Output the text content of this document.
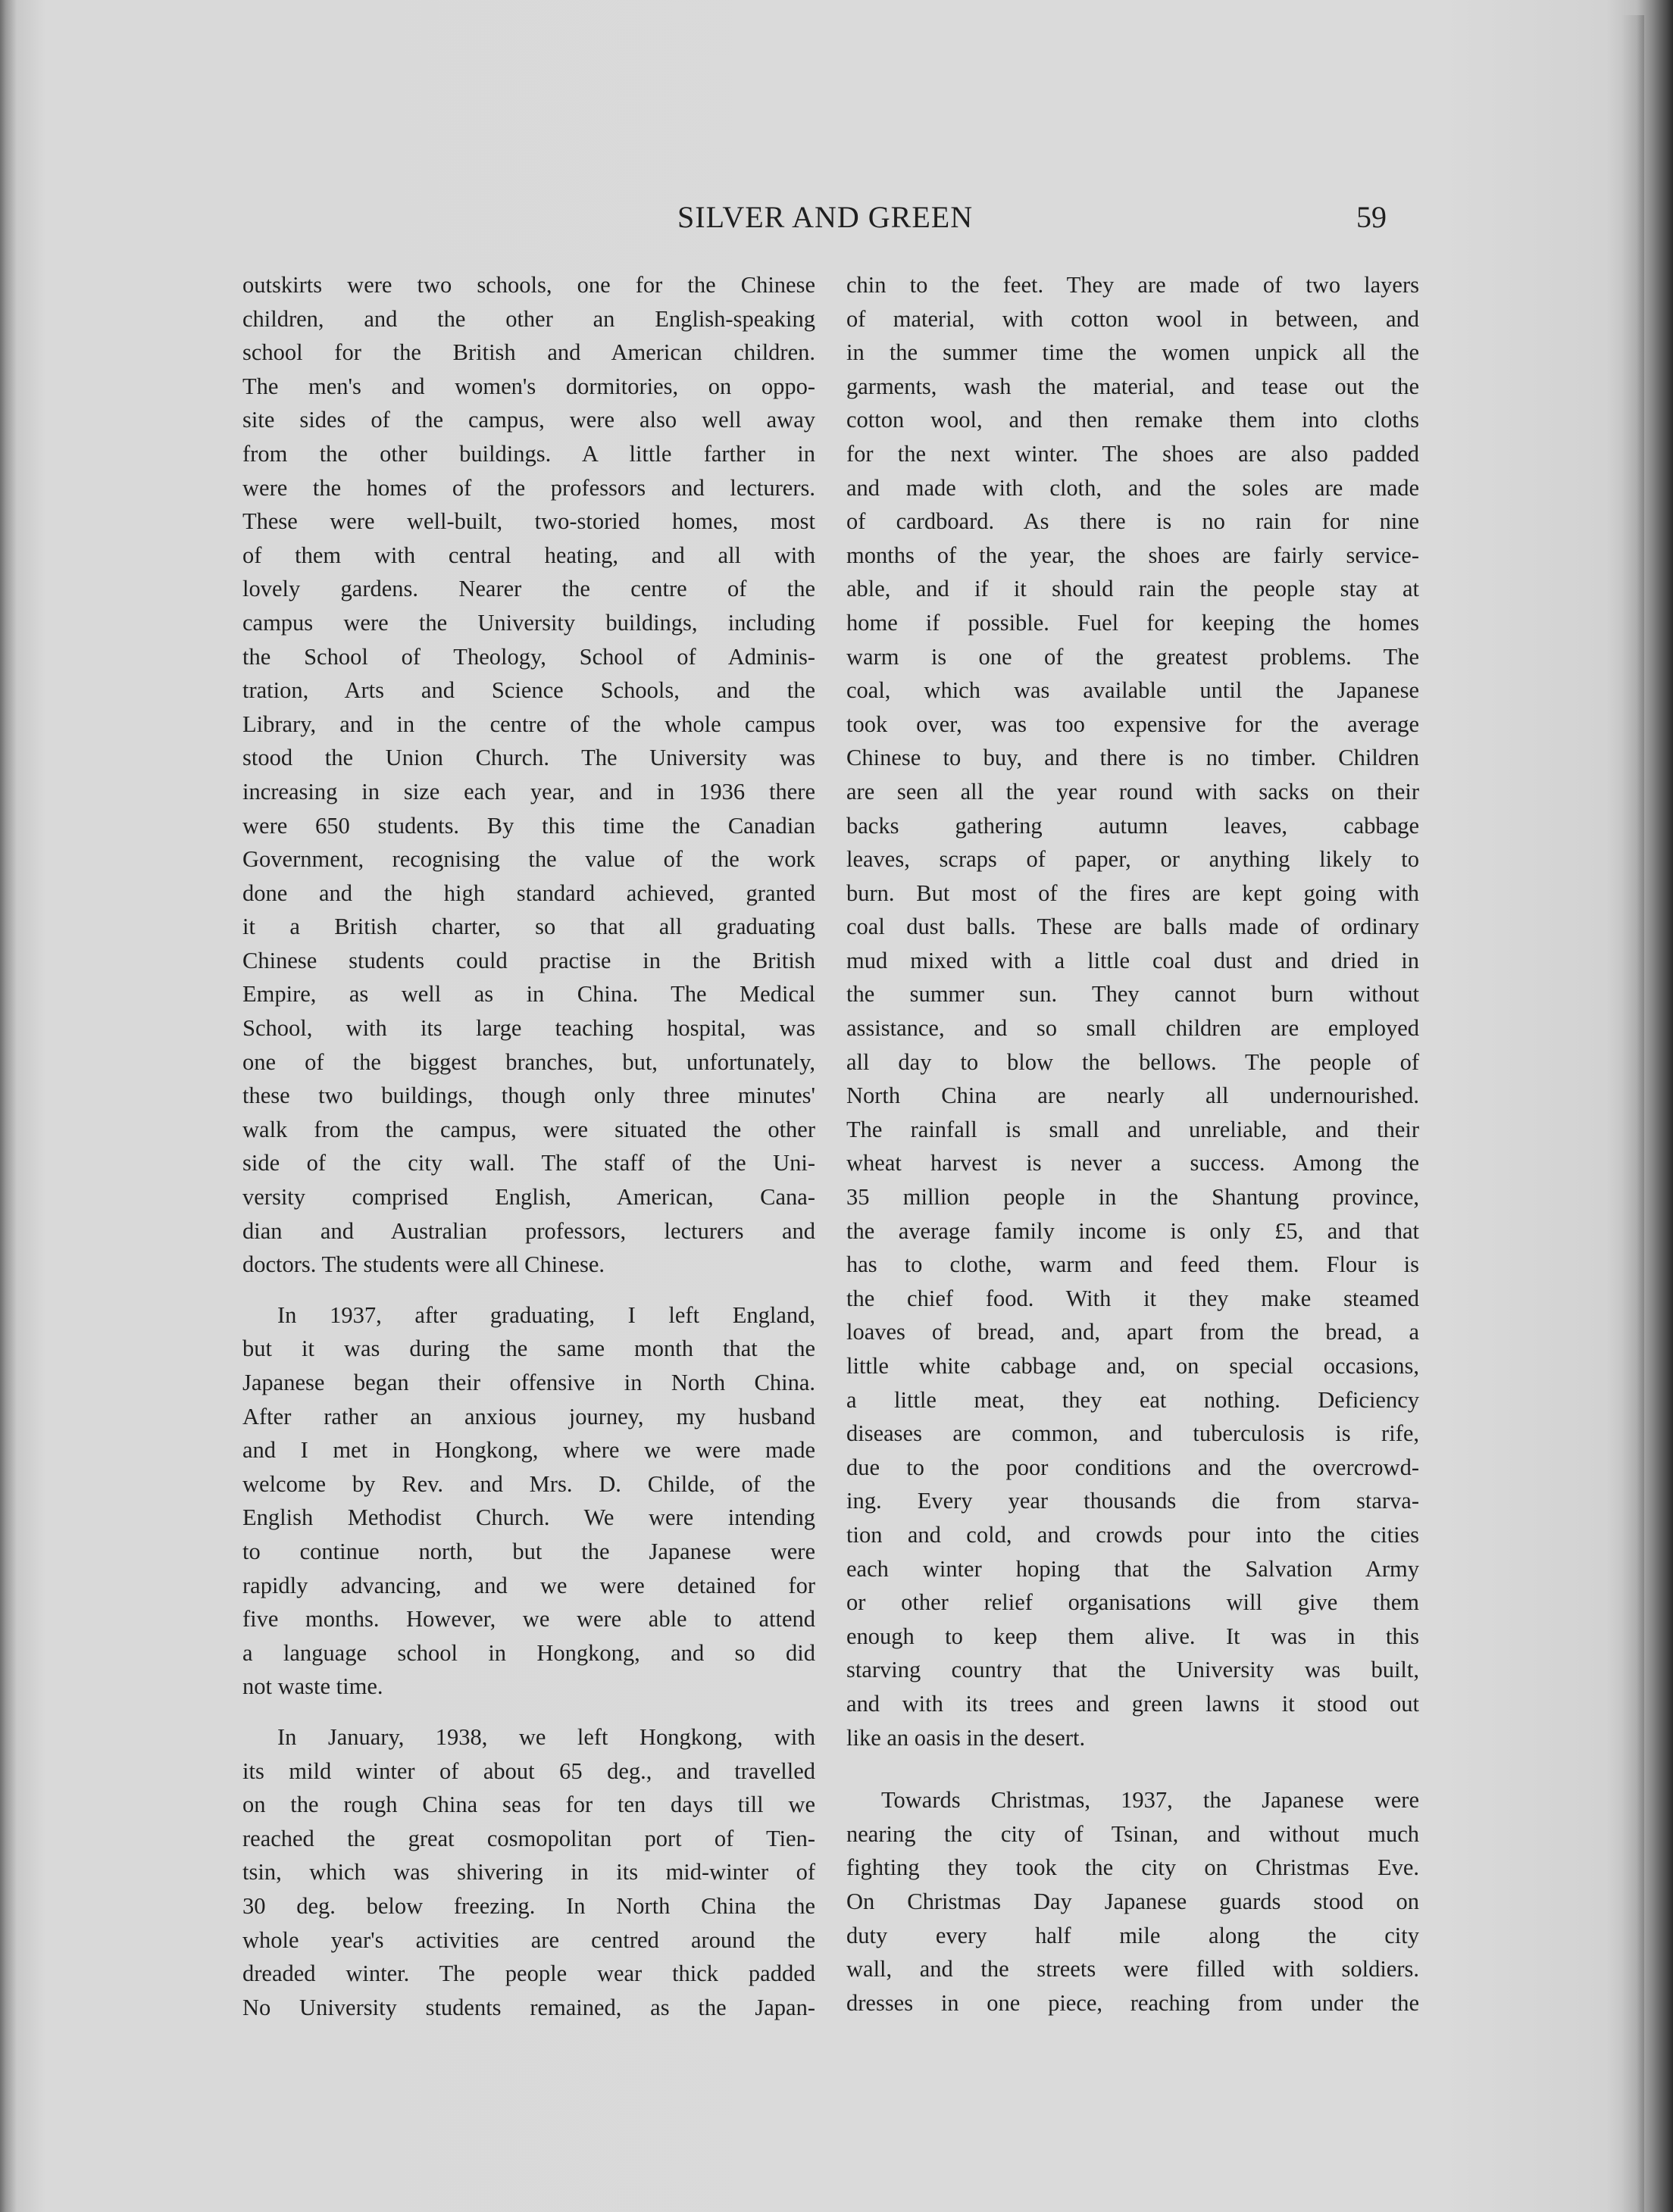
SILVER AND GREEN	59
outskirts were two schools, one for the Chinese
children, and the other an English-speaking
school for the British and American children.
The men's and women's dormitories, on oppo-
site sides of the campus, were also well away
from the other buildings. A little farther in
were the homes of the professors and lecturers.
These were well-built, two-storied homes, most
of them with central heating, and all with
lovely gardens. Nearer the centre of the
campus were the University buildings, including
the School of Theology, School of Adminis-
tration, Arts and Science Schools, and the
Library, and in the centre of the whole campus
stood the Union Church. The University was
increasing in size each year, and in 1936 there
were 650 students. By this time the Canadian
Government, recognising the value of the work
done and the high standard achieved, granted
it a British charter, so that all graduating
Chinese students could practise in the British
Empire, as well as in China. The Medical
School, with its large teaching hospital, was
one of the biggest branches, but, unfortunately,
these two buildings, though only three minutes'
walk from the campus, were situated the other
side of the city wall. The staff of the Uni-
versity comprised English, American, Cana-
dian and Australian professors, lecturers and
doctors. The students were all Chinese.
In 1937, after graduating, I left England,
but it was during the same month that the
Japanese began their offensive in North China.
After rather an anxious journey, my husband
and I met in Hongkong, where we were made
welcome by Rev. and Mrs. D. Childe, of the
English Methodist Church. We were intending
to continue north, but the Japanese were
rapidly advancing, and we were detained for
five months. However, we were able to attend
a language school in Hongkong, and so did
not waste time.
In January, 1938, we left Hongkong, with
its mild winter of about 65 deg., and travelled
on the rough China seas for ten days till we
reached the great cosmopolitan port of Tien-
tsin, which was shivering in its mid-winter of
30 deg. below freezing. In North China the
whole year's activities are centred around the
dreaded winter. The people wear thick padded
No University students remained, as the Japan-
chin to the feet. They are made of two layers
of material, with cotton wool in between, and
in the summer time the women unpick all the
garments, wash the material, and tease out the
cotton wool, and then remake them into cloths
for the next winter. The shoes are also padded
and made with cloth, and the soles are made
of cardboard. As there is no rain for nine
months of the year, the shoes are fairly service-
able, and if it should rain the people stay at
home if possible. Fuel for keeping the homes
warm is one of the greatest problems. The
coal, which was available until the Japanese
took over, was too expensive for the average
Chinese to buy, and there is no timber. Children
are seen all the year round with sacks on their
backs gathering autumn leaves, cabbage
leaves, scraps of paper, or anything likely to
burn. But most of the fires are kept going with
coal dust balls. These are balls made of ordinary
mud mixed with a little coal dust and dried in
the summer sun. They cannot burn without
assistance, and so small children are employed
all day to blow the bellows. The people of
North China are nearly all undernourished.
The rainfall is small and unreliable, and their
wheat harvest is never a success. Among the
35 million people in the Shantung province,
the average family income is only £5, and that
has to clothe, warm and feed them. Flour is
the chief food. With it they make steamed
loaves of bread, and, apart from the bread, a
little white cabbage and, on special occasions,
a little meat, they eat nothing. Deficiency
diseases are common, and tuberculosis is rife,
due to the poor conditions and the overcrowd-
ing. Every year thousands die from starva-
tion and cold, and crowds pour into the cities
each winter hoping that the Salvation Army
or other relief organisations will give them
enough to keep them alive. It was in this
starving country that the University was built,
and with its trees and green lawns it stood out
like an oasis in the desert.
Towards Christmas, 1937, the Japanese were
nearing the city of Tsinan, and without much
fighting they took the city on Christmas Eve.
On Christmas Day Japanese guards stood on
duty every half mile along the city
wall, and the streets were filled with soldiers.
dresses in one piece, reaching from under the
